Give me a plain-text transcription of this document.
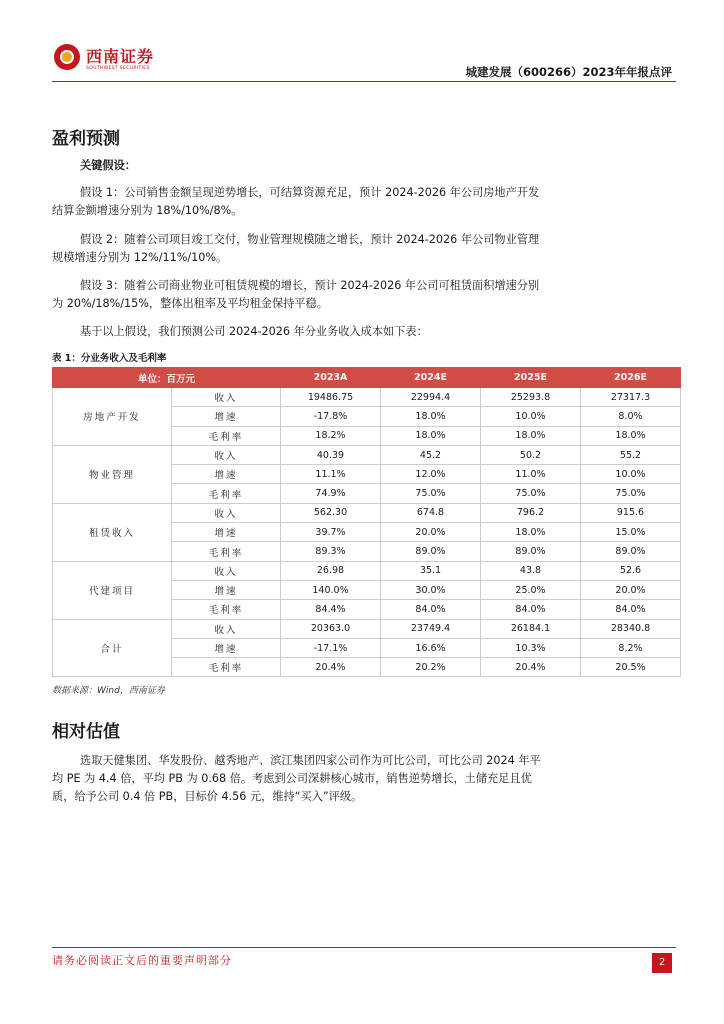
西南证券
SOUTHWEST SECURITIES	城建发展（600266）2023年年报点评
盈利预测
关键假设：
假设 1：公司销售金额呈现逆势增长，可结算资源充足，预计 2024-2026 年公司房地产开发结算金额增速分别为 18%/10%/8%。
假设 2：随着公司项目竣工交付，物业管理规模随之增长，预计 2024-2026 年公司物业管理规模增速分别为 12%/11%/10%。
假设 3：随着公司商业物业可租赁规模的增长，预计 2024-2026 年公司可租赁面积增速分别为 20%/18%/15%，整体出租率及平均租金保持平稳。
基于以上假设，我们预测公司 2024-2026 年分业务收入成本如下表：
表 1：分业务收入及毛利率
单位：百万元		2023A	2024E	2025E	2026E
房地产开发	收入	19486.75	22994.4	25293.8	27317.3
	增速	-17.8%	18.0%	10.0%	8.0%
	毛利率	18.2%	18.0%	18.0%	18.0%
物业管理	收入	40.39	45.2	50.2	55.2
	增速	11.1%	12.0%	11.0%	10.0%
	毛利率	74.9%	75.0%	75.0%	75.0%
租赁收入	收入	562.30	674.8	796.2	915.6
	增速	39.7%	20.0%	18.0%	15.0%
	毛利率	89.3%	89.0%	89.0%	89.0%
代建项目	收入	26.98	35.1	43.8	52.6
	增速	140.0%	30.0%	25.0%	20.0%
	毛利率	84.4%	84.0%	84.0%	84.0%
合计	收入	20363.0	23749.4	26184.1	28340.8
	增速	-17.1%	16.6%	10.3%	8.2%
	毛利率	20.4%	20.2%	20.4%	20.5%
数据来源：Wind，西南证券
相对估值
选取天健集团、华发股份、越秀地产、滨江集团四家公司作为可比公司，可比公司 2024 年平均 PE 为 4.4 倍，平均 PB 为 0.68 倍。考虑到公司深耕核心城市，销售逆势增长，土储充足且优质，给予公司 0.4 倍 PB，目标价 4.56 元，维持“买入”评级。
请务必阅读正文后的重要声明部分	2
